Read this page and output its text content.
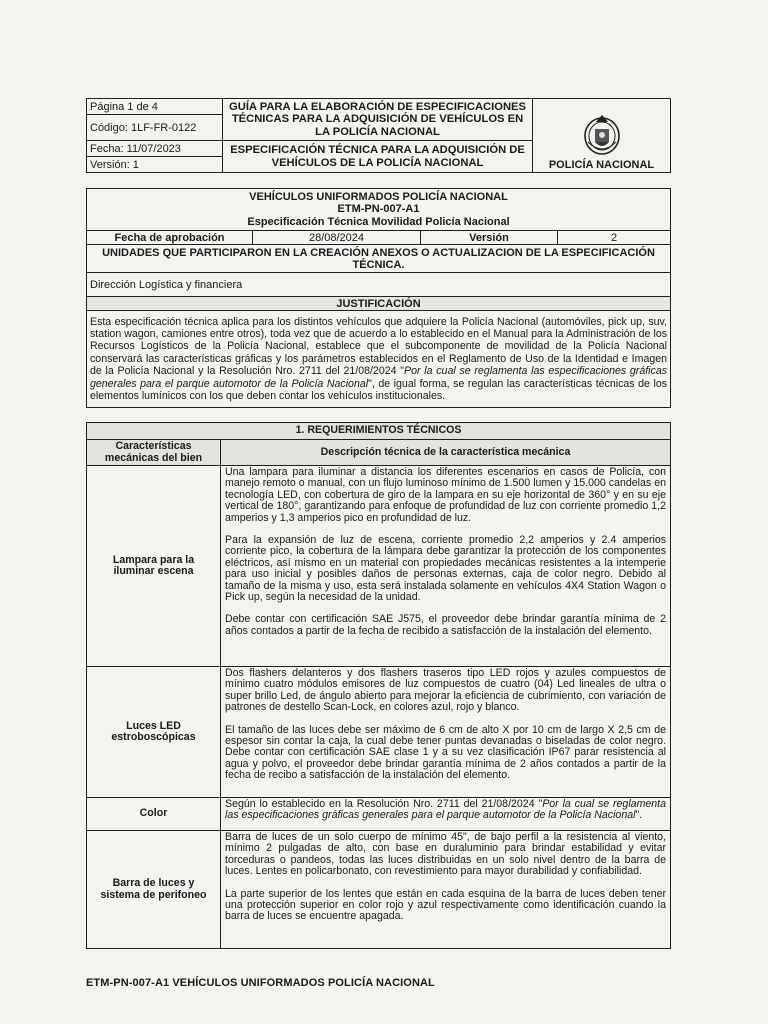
Página 1 de 4	GUÍA PARA LA ELABORACIÓN DE ESPECIFICACIONES TÉCNICAS PARA LA ADQUISICIÓN DE VEHÍCULOS EN LA POLICÍA NACIONAL	POLICÍA NACIONAL

Código: 1LF-FR-0122		
Fecha: 11/07/2023	ESPECIFICACIÓN TÉCNICA PARA LA ADQUISICIÓN DE VEHÍCULOS DE LA POLICÍA NACIONAL	
Versión: 1		
VEHÍCULOS UNIFORMADOS POLICÍA NACIONAL
ETM-PN-007-A1
Especificación Técnica Movilidad Policía Nacional

Fecha de aprobación	28/08/2024	Versión	2
UNIDADES QUE PARTICIPARON EN LA CREACIÓN ANEXOS O ACTUALIZACION DE LA ESPECIFICACIÓN TÉCNICA.
Dirección Logística y financiera
JUSTIFICACIÓN
Esta especificación técnica aplica para los distintos vehículos que adquiere la Policía Nacional (automóviles, pick up, suv, station wagon, camiones entre otros), toda vez que de acuerdo a lo establecido en el Manual para la Administración de los Recursos Logísticos de la Policía Nacional, establece que el subcomponente de movilidad de la Policía Nacional conservará las características gráficas y los parámetros establecidos en el Reglamento de Uso de la Identidad e Imagen de la Policía Nacional y la Resolución Nro. 2711 del 21/08/2024 "Por la cual se reglamenta las especificaciones gráficas generales para el parque automotor de la Policía Nacional", de igual forma, se regulan las características técnicas de los elementos lumínicos con los que deben contar los vehículos institucionales.
1. REQUERIMIENTOS TÉCNICOS	
Características mecánicas del bien	Descripción técnica de la característica mecánica
Lampara para la iluminar escena	Una lampara para iluminar a distancia los diferentes escenarios en casos de Policía, con manejo remoto o manual, con un flujo luminoso mínimo de 1.500 lumen y 15.000 candelas en tecnología LED, con cobertura de giro de la lampara en su eje horizontal de 360° y en su eje vertical de 180°, garantizando para enfoque de profundidad de luz con corriente promedio 1,2 amperios y 1,3 amperios pico en profundidad de luz.

Para la expansión de luz de escena, corriente promedio 2,2 amperios y 2.4 amperios corriente pico, la cobertura de la lámpara debe garantizar la protección de los componentes eléctricos, así mismo en un material con propiedades mecánicas resistentes a la intemperie para uso inicial y posibles daños de personas externas, caja de color negro. Debido al tamaño de la misma y uso, esta será instalada solamente en vehículos 4X4 Station Wagon o Pick up, según la necesidad de la unidad.

Debe contar con certificación SAE J575, el proveedor debe brindar garantía mínima de 2 años contados a partir de la fecha de recibido a satisfacción de la instalación del elemento.

Luces LED estroboscópicas	Dos flashers delanteros y dos flashers traseros tipo LED rojos y azules compuestos de mínimo cuatro módulos emisores de luz compuestos de cuatro (04) Led lineales de ultra o super brillo Led, de ángulo abierto para mejorar la eficiencia de cubrimiento, con variación de patrones de destello Scan-Lock, en colores azul, rojo y blanco.

El tamaño de las luces debe ser máximo de 6 cm de alto X por 10 cm de largo X 2,5 cm de espesor sin contar la caja, la cual debe tener puntas devanadas o biseladas de color negro. Debe contar con certificación SAE clase 1 y a su vez clasificación IP67 parar resistencia al agua y polvo, el proveedor debe brindar garantía mínima de 2 años contados a partir de la fecha de recibo a satisfacción de la instalación del elemento.

Color	Según lo establecido en la Resolución Nro. 2711 del 21/08/2024 "Por la cual se reglamenta las especificaciones gráficas generales para el parque automotor de la Policía Nacional".
Barra de luces y sistema de perifoneo	Barra de luces de un solo cuerpo de mínimo 45", de bajo perfil a la resistencia al viento, mínimo 2 pulgadas de alto, con base en duraluminio para brindar estabilidad y evitar torceduras o pandeos, todas las luces distribuidas en un solo nivel dentro de la barra de luces. Lentes en policarbonato, con revestimiento para mayor durabilidad y confiabilidad.

La parte superior de los lentes que están en cada esquina de la barra de luces deben tener una protección superior en color rojo y azul respectivamente como identificación cuando la barra de luces se encuentre apagada.

ETM-PN-007-A1 VEHÍCULOS UNIFORMADOS POLICÍA NACIONAL
